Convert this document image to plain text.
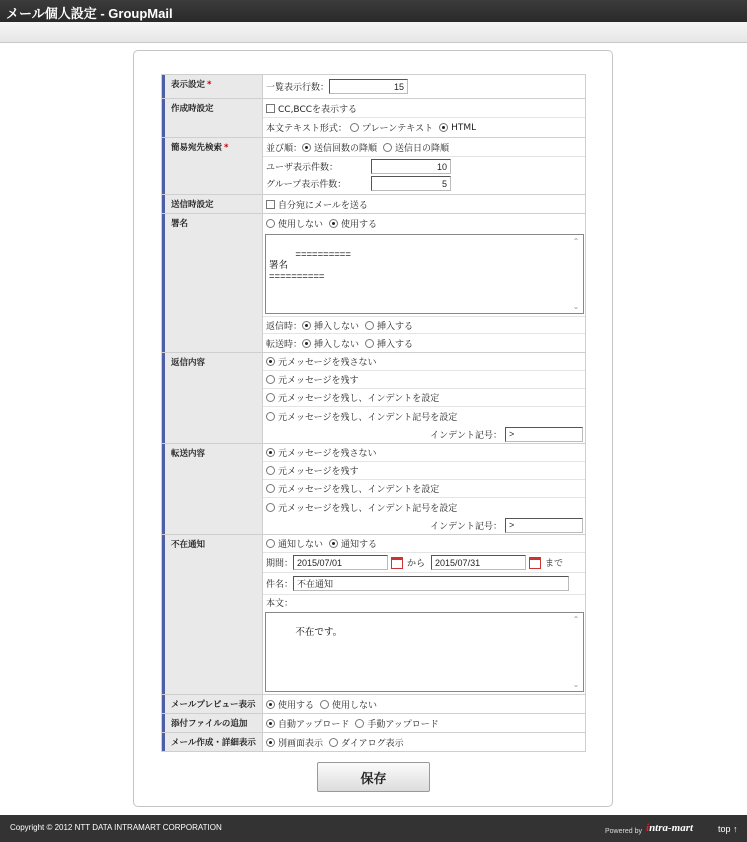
メール個人設定 - GroupMail
表示設定 *	一覧表示行数：	15
作成時設定	CC,BCCを表示する
本文テキスト形式： プレーンテキスト HTML
簡易宛先検索 *	並び順： 送信回数の降順 送信日の降順
ユーザ表示件数：	10
グループ表示件数：	5
送信時設定	自分宛にメールを送る
署名	使用しない 使用する

==========
署名
==========

⌃
⌄

返信時： 挿入しない 挿入する
転送時： 挿入しない 挿入する
返信内容	元メッセージを残さない
元メッセージを残す
元メッセージを残し、インデントを設定
元メッセージを残し、インデント記号を設定
インデント記号： >
転送内容	元メッセージを残さない
元メッセージを残す
元メッセージを残し、インデントを設定
元メッセージを残し、インデント記号を設定
インデント記号： >
不在通知	通知しない 通知する
期間： 2015/07/01	から	2015/07/31	まで
件名： 不在通知
本文：

不在です。

⌃
⌄

メールプレビュー表示	使用する 使用しない
添付ファイルの追加	自動アップロード 手動アップロード
メール作成・詳細表示	別画面表示 ダイアログ表示
保存
Copyright © 2012 NTT DATA INTRAMART CORPORATION	Powered by intra-mart	top ↑
